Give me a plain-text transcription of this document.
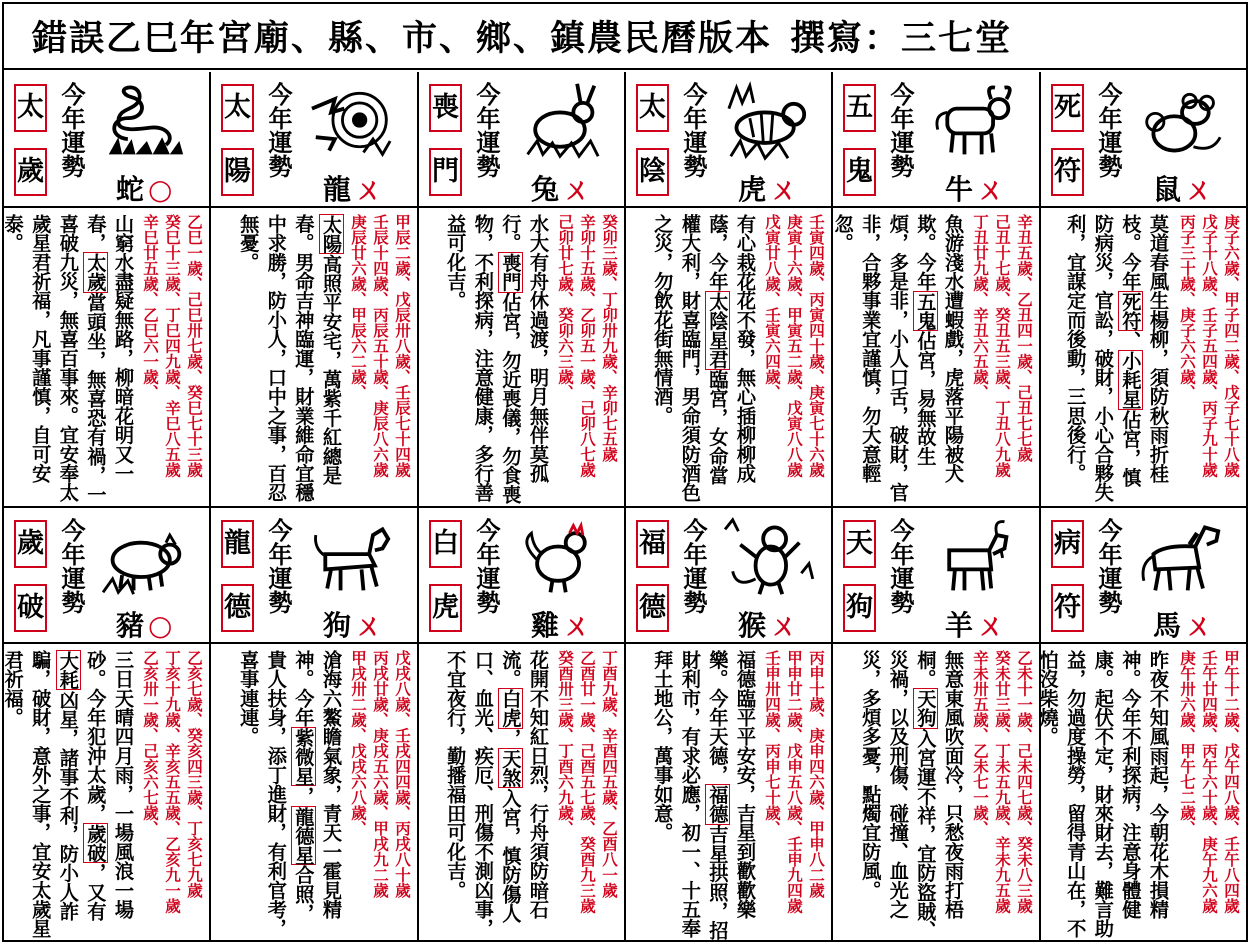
錯誤乙巳年宮廟、縣、市、鄉、鎮農民曆版本 撰寫：三七堂
太
歲 今年運勢
蛇 ○
乙巳一歲、己巳卅七歲、癸巳七十三歲
癸巳十三歲、丁巳四九歲、辛巳八五歲
辛巳廿五歲、乙巳六一歲、
山窮水盡疑無路，柳暗花明又一春，太歲當頭坐，無喜恐有禍，一喜破九災，無喜百事來。宜安奉太歲星君祈福，凡事謹慎，自可安泰。
太
陽 今年運勢
龍 ㄨ
甲辰二歲、戊辰卅八歲、壬辰七十四歲
壬辰十四歲、丙辰五十歲、庚辰八六歲
庚辰廿六歲、甲辰六二歲、
太陽高照平安宅，萬紫千紅總是春。男命吉神臨運，財業維命宜穩中求勝，防小人，口中之事，百忍無憂。
喪
門 今年運勢
兔 ㄨ
癸卯三歲、丁卯卅九歲、辛卯七五歲
辛卯十五歲、乙卯五一歲、己卯八七歲
己卯廿七歲、癸卯六三歲、
水大有舟休過渡，明月無伴莫孤行。喪門佔宮，勿近喪儀，勿食喪物，不利探病，注意健康，多行善益可化吉。
太
陰 今年運勢
虎 ㄨ
壬寅四歲、丙寅四十歲、庚寅七十六歲
庚寅十六歲、甲寅五二歲、戊寅八八歲
戊寅廿八歲、壬寅六四歲、
有心栽花花不發，無心插柳柳成蔭，今年太陰星君臨宮，女命當權大利，財喜臨門，男命須防酒色之災，勿飲花街無情酒。
五
鬼 今年運勢
牛 ㄨ
辛丑五歲、乙丑四一歲、己丑七七歲
己丑十七歲、癸丑五三歲、丁丑八九歲
丁丑廿九歲、辛丑六五歲、
魚游淺水遭蝦戲，虎落平陽被犬欺。今年五鬼佔宮，易無故生煩，多是非，小人口舌，破財，官非，合夥事業宜謹慎，勿大意輕忽。
死
符 今年運勢
鼠 ㄨ
庚子六歲、甲子四二歲、戊子七十八歲
戊子十八歲、壬子五四歲、丙子九十歲
丙子三十歲、庚子六六歲、
莫道春風生楊柳，須防秋雨折桂枝。今年死符、小耗星佔宮，慎防病災，官訟，破財，小心合夥失利，宜謀定而後動，三思後行。
歲
破 今年運勢
豬 ○
乙亥七歲、癸亥四三歲、丁亥七九歲
丁亥十九歲、辛亥五五歲、乙亥九一歲
乙亥卅一歲、己亥六七歲、
三日天晴四月雨，一場風浪一場砂。今年犯沖太歲，歲破，又有大耗凶星，諸事不利，防小人詐騙，破財，意外之事，宜安太歲星君祈福。
龍
德 今年運勢
狗 ㄨ
戊戌八歲、壬戌四四歲、丙戌八十歲
丙戌廿歲、庚戌五六歲、甲戌九二歲
甲戌卅二歲、戊戌六八歲、
滄海六鰲瞻氣象，青天一霍見精神。今年紫微星，龍德星合照，貴人扶身，添丁進財，有利官考，喜事連連。
白
虎 今年運勢
雞 ㄨ
丁酉九歲、辛酉四五歲、乙酉八一歲
乙酉廿一歲、己酉五七歲、癸酉九三歲
癸酉卅三歲、丁酉六九歲、
花開不知紅日烈，行舟須防暗石流。白虎，天煞入宮，慎防傷人口、血光、疾厄、刑傷不測凶事，不宜夜行，勤播福田可化吉。
福
德 今年運勢
猴 ㄨ
丙申十歲、庚申四六歲、甲申八二歲
甲申廿二歲、戊申五八歲、壬申九四歲
壬申卅四歲、丙申七十歲、
福德臨平平安安，吉星到歡歡樂樂。今年天德，福德吉星拱照，招財利市，有求必應，初一、十五奉拜土地公，萬事如意。
天
狗 今年運勢
羊 ㄨ
乙未十一歲、己未四七歲、癸未八三歲
癸未廿三歲、丁未五九歲、辛未九五歲
辛未卅五歲、乙未七一歲、
無意東風吹面冷，只愁夜雨打梧桐。天狗入宮運不祥，宜防盜賊、災禍，以及刑傷、碰撞、血光之災，多煩多憂，點燭宜防風。
病
符 今年運勢
馬 ㄨ
甲午十二歲、戊午四八歲、壬午八四歲
壬午廿四歲、丙午六十歲、庚午九六歲
庚午卅六歲、甲午七二歲、
昨夜不知風雨起，今朝花木損精神。今年不利探病，注意身體健康。起伏不定，財來財去，難言助益，勿過度操勞，留得青山在，不怕沒柴燒。
